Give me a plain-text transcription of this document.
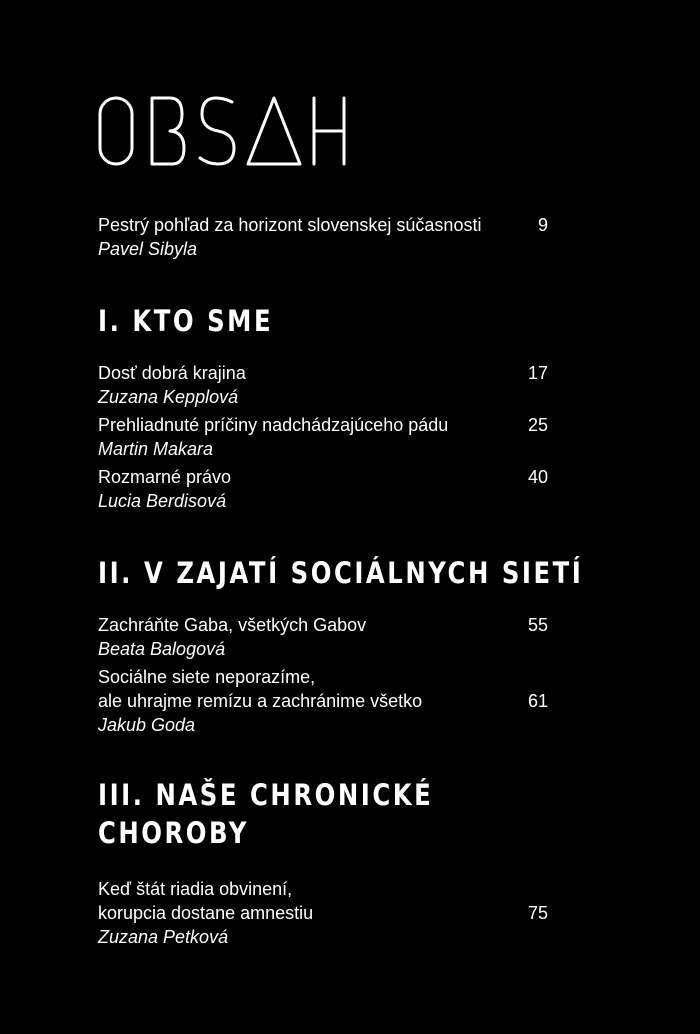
Pestrý pohľad za horizont slovenskej súčasnosti
Pavel Sibyla
9
I. KTO SME
Dosť dobrá krajina
Zuzana Kepplová
17
Prehliadnuté príčiny nadchádzajúceho pádu
Martin Makara
25
Rozmarné právo
Lucia Berdisová
40
II. V ZAJATÍ SOCIÁLNYCH SIETÍ
Zachráňte Gaba, všetkých Gabov
Beata Balogová
55
Sociálne siete neporazíme,
ale uhrajme remízu a zachránime všetko
Jakub Goda
61
III. NAŠE CHRONICKÉ
CHOROBY
Keď štát riadia obvinení,
korupcia dostane amnestiu
Zuzana Petková
75
